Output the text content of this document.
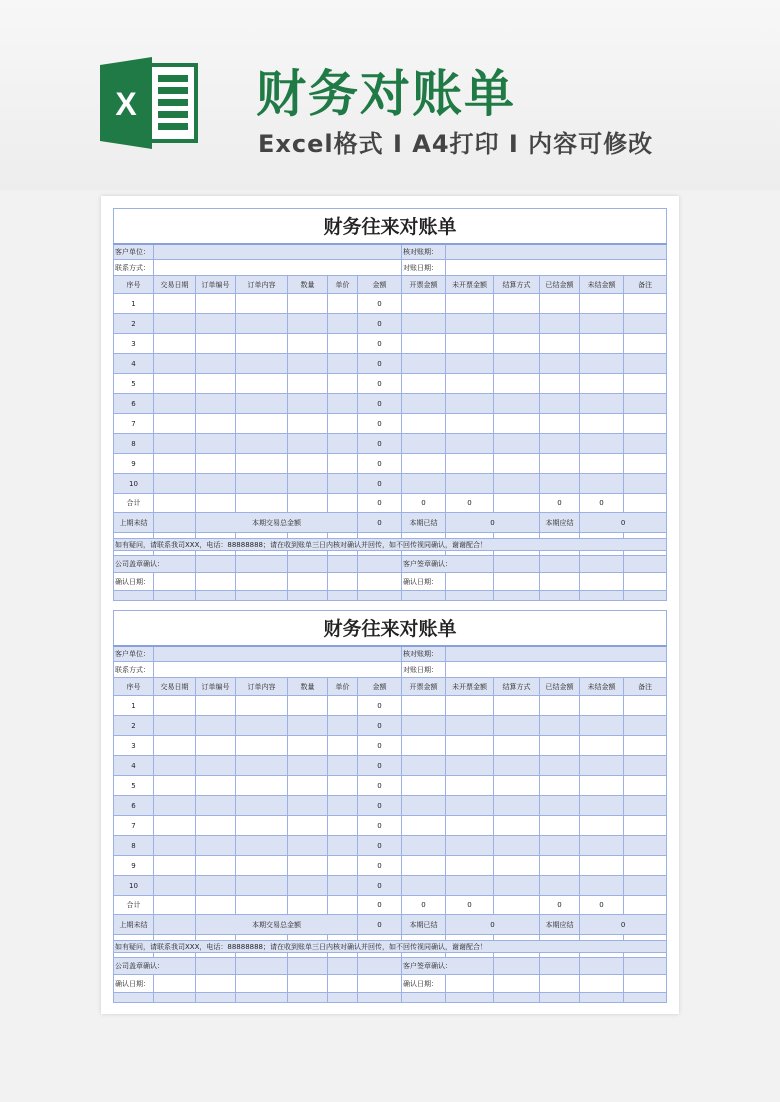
X 财务对账单
Excel格式 I A4打印 I 内容可修改
财务往来对账单												
客户单位：							核对账期：					
联系方式：							对账日期：					
序号	交易日期	订单编号	订单内容	数量	单价	金额	开票金额	未开票金额	结算方式	已结金额	未结金额	备注
1						0						
2						0						
3						0						
4						0						
5						0						
6						0						
7						0						
8						0						
9						0						
10						0						
合计						0	0	0		0	0	
上期未结		本期交易总金额				0	本期已结	0		本期应结	0	

如有疑问，请联系我司XXX，电话：88888888；请在收到账单三日内核对确认并回传，如不回传视同确认，谢谢配合！												

公司盖章确认：							客户签章确认：					
确认日期：							确认日期：					

财务往来对账单												
客户单位：							核对账期：					
联系方式：							对账日期：					
序号	交易日期	订单编号	订单内容	数量	单价	金额	开票金额	未开票金额	结算方式	已结金额	未结金额	备注
1						0						
2						0						
3						0						
4						0						
5						0						
6						0						
7						0						
8						0						
9						0						
10						0						
合计						0	0	0		0	0	
上期未结		本期交易总金额				0	本期已结	0		本期应结	0	

如有疑问，请联系我司XXX，电话：88888888；请在收到账单三日内核对确认并回传，如不回传视同确认，谢谢配合！												

公司盖章确认：							客户签章确认：					
确认日期：							确认日期：					
